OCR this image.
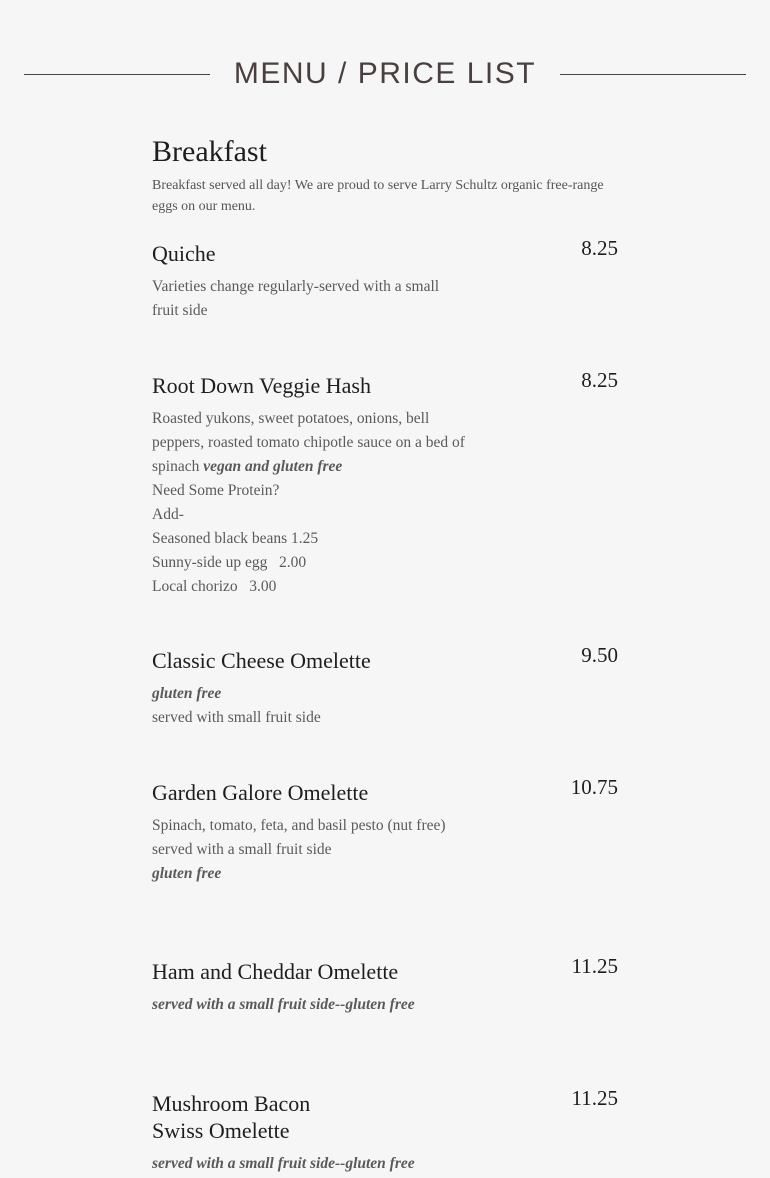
MENU / PRICE LIST
Breakfast
Breakfast served all day! We are proud to serve Larry Schultz organic free-range
eggs on our menu.
Quiche	8.25
Varieties change regularly-served with a small
fruit side
Root Down Veggie Hash	8.25
Roasted yukons, sweet potatoes, onions, bell
peppers, roasted tomato chipotle sauce on a bed of
spinach vegan and gluten free
Need Some Protein?
Add-
Seasoned black beans 1.25
Sunny-side up egg   2.00
Local chorizo   3.00
Classic Cheese Omelette	9.50
gluten free
served with small fruit side
Garden Galore Omelette	10.75
Spinach, tomato, feta, and basil pesto (nut free)
served with a small fruit side
gluten free
Ham and Cheddar Omelette	11.25
served with a small fruit side--gluten free
Mushroom Bacon
Swiss Omelette
11.25
served with a small fruit side--gluten free
